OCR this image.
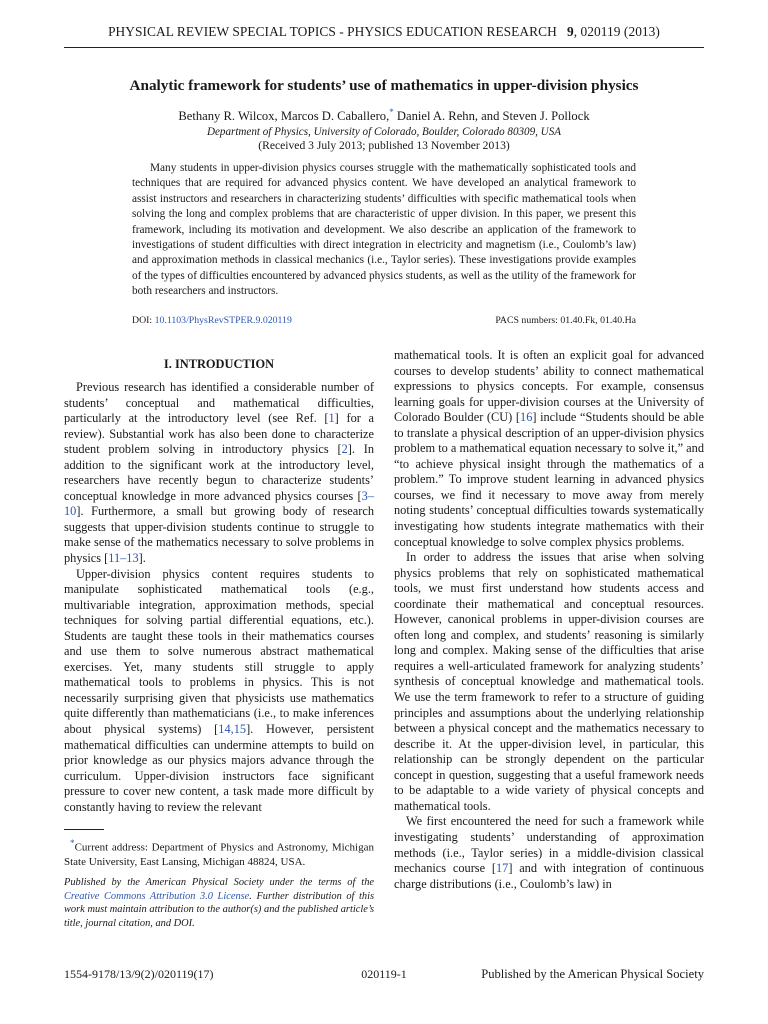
PHYSICAL REVIEW SPECIAL TOPICS - PHYSICS EDUCATION RESEARCH 9, 020119 (2013)
Analytic framework for students’ use of mathematics in upper-division physics
Bethany R. Wilcox, Marcos D. Caballero,* Daniel A. Rehn, and Steven J. Pollock
Department of Physics, University of Colorado, Boulder, Colorado 80309, USA
(Received 3 July 2013; published 13 November 2013)
Many students in upper-division physics courses struggle with the mathematically sophisticated tools and techniques that are required for advanced physics content. We have developed an analytical framework to assist instructors and researchers in characterizing students’ difficulties with specific mathematical tools when solving the long and complex problems that are characteristic of upper division. In this paper, we present this framework, including its motivation and development. We also describe an application of the framework to investigations of student difficulties with direct integration in electricity and magnetism (i.e., Coulomb’s law) and approximation methods in classical mechanics (i.e., Taylor series). These investigations provide examples of the types of difficulties encountered by advanced physics students, as well as the utility of the framework for both researchers and instructors.
DOI: 10.1103/PhysRevSTPER.9.020119	PACS numbers: 01.40.Fk, 01.40.Ha
I. INTRODUCTION

Previous research has identified a considerable number of students’ conceptual and mathematical difficulties, particularly at the introductory level (see Ref. [1] for a review). Substantial work has also been done to characterize student problem solving in introductory physics [2]. In addition to the significant work at the introductory level, researchers have recently begun to characterize students’ conceptual knowledge in more advanced physics courses [3–10]. Furthermore, a small but growing body of research suggests that upper-division students continue to struggle to make sense of the mathematics necessary to solve problems in physics [11–13].

Upper-division physics content requires students to manipulate sophisticated mathematical tools (e.g., multivariable integration, approximation methods, special techniques for solving partial differential equations, etc.). Students are taught these tools in their mathematics courses and use them to solve numerous abstract mathematical exercises. Yet, many students still struggle to apply mathematical tools to problems in physics. This is not necessarily surprising given that physicists use mathematics quite differently than mathematicians (i.e., to make inferences about physical systems) [14,15]. However, persistent mathematical difficulties can undermine attempts to build on prior knowledge as our physics majors advance through the curriculum. Upper-division instructors face significant pressure to cover new content, a task made more difficult by constantly having to review the relevant

mathematical tools. It is often an explicit goal for advanced courses to develop students’ ability to connect mathematical expressions to physics concepts. For example, consensus learning goals for upper-division courses at the University of Colorado Boulder (CU) [16] include “Students should be able to translate a physical description of an upper-division physics problem to a mathematical equation necessary to solve it,” and “to achieve physical insight through the mathematics of a problem.” To improve student learning in advanced physics courses, we find it necessary to move away from merely noting students’ conceptual difficulties towards systematically investigating how students integrate mathematics with their conceptual knowledge to solve complex physics problems.

In order to address the issues that arise when solving physics problems that rely on sophisticated mathematical tools, we must first understand how students access and coordinate their mathematical and conceptual resources. However, canonical problems in upper-division courses are often long and complex, and students’ reasoning is similarly long and complex. Making sense of the difficulties that arise requires a well-articulated framework for analyzing students’ synthesis of conceptual knowledge and mathematical tools. We use the term framework to refer to a structure of guiding principles and assumptions about the underlying relationship between a physical concept and the mathematics necessary to describe it. At the upper-division level, in particular, this relationship can be strongly dependent on the particular concept in question, suggesting that a useful framework needs to be adaptable to a wide variety of physical concepts and mathematical tools.

We first encountered the need for such a framework while investigating students’ understanding of approximation methods (i.e., Taylor series) in a middle-division classical mechanics course [17] and with integration of continuous charge distributions (i.e., Coulomb’s law) in

*Current address: Department of Physics and Astronomy, Michigan State University, East Lansing, Michigan 48824, USA.
Published by the American Physical Society under the terms of the Creative Commons Attribution 3.0 License. Further distribution of this work must maintain attribution to the author(s) and the published article’s title, journal citation, and DOI.
1554-9178/13/9(2)/020119(17)	020119-1	Published by the American Physical Society
